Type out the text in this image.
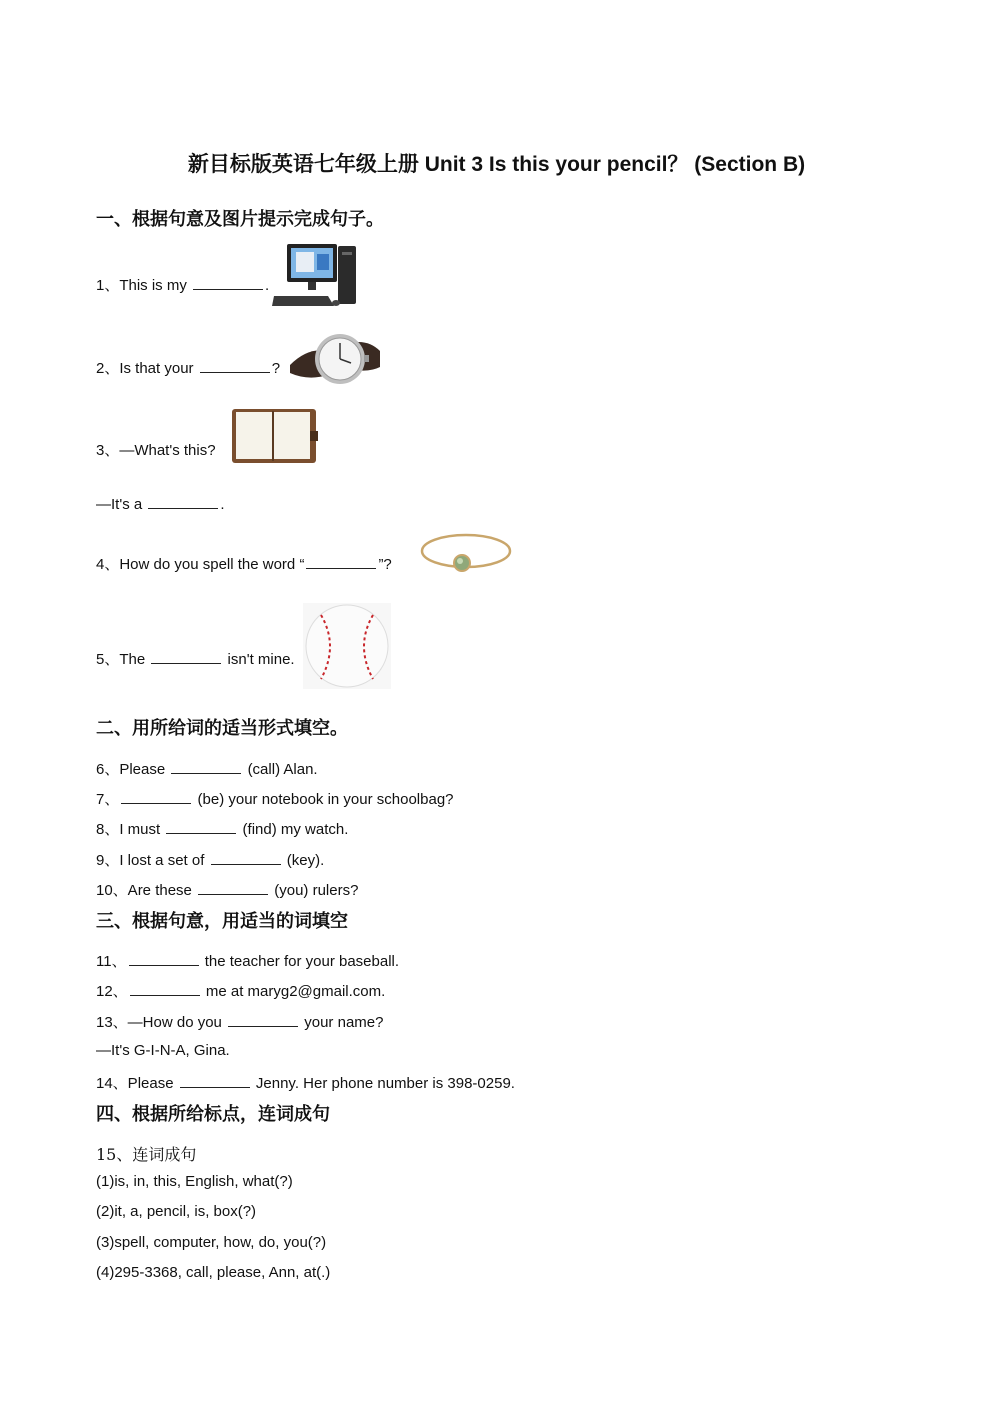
新目标版英语七年级上册 Unit 3 Is this your pencil？ (Section B)
一、根据句意及图片提示完成句子。
1、This is my	.
2、Is that your	?
3、—What's this?
—It's a	.
4、How do you spell the word “	”?
5、The	isn't mine.
二、用所给词的适当形式填空。
6、Please	(call) Alan.
7、	(be) your notebook in your schoolbag?
8、I must	(find) my watch.
9、I lost a set of	(key).
10、Are these	(you) rulers?
三、根据句意，用适当的词填空
11、	the teacher for your baseball.
12、	me at maryg2@gmail.com.
13、—How do you	your name?
—It's G-I-N-A, Gina.
14、Please	Jenny. Her phone number is 398-0259.
四、根据所给标点，连词成句
15、连词成句
(1)is, in, this, English, what(?)
(2)it, a, pencil, is, box(?)
(3)spell, computer, how, do, you(?)
(4)295-3368, call, please, Ann, at(.)
